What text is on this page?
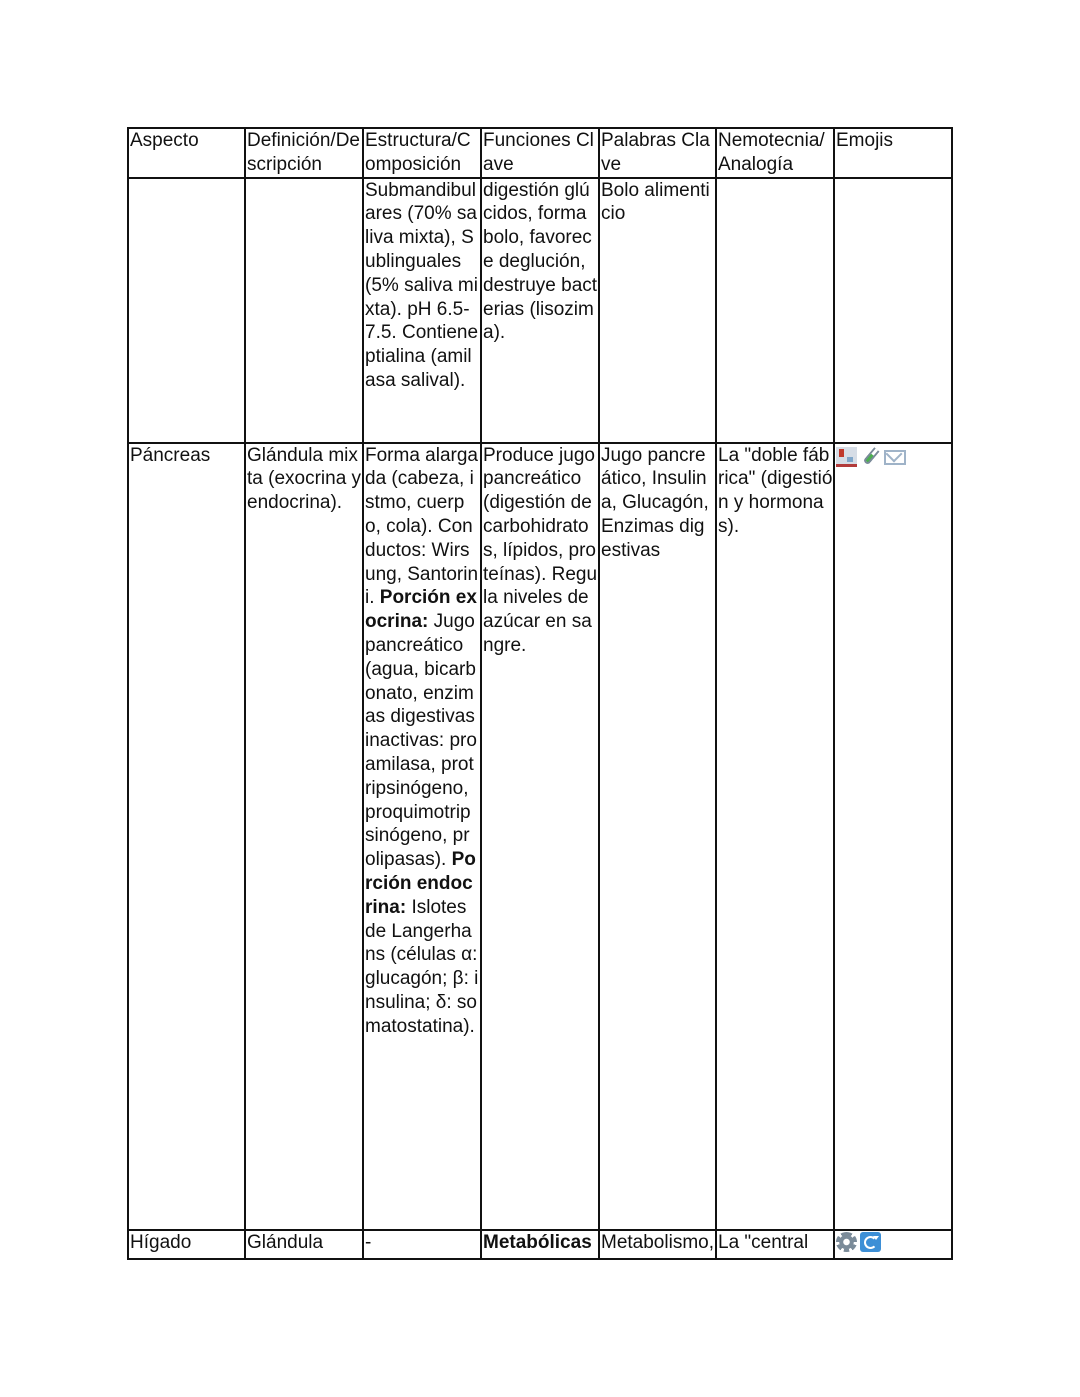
Aspecto	Definición/Descripción	Estructura/Composición	Funciones Clave	Palabras Clave	Nemotecnia/ Analogía	Emojis
		Submandibulares (70% saliva mixta), Sublinguales (5% saliva mixta). pH 6.5-7.5. Contiene ptialina (amilasa salival).	digestión glúcidos, forma bolo, favorece deglución, destruye bacterias (lisozima).	Bolo alimenticio		
Páncreas	Glándula mixta (exocrina y endocrina).	Forma alargada (cabeza, istmo, cuerpo, cola). Conductos: Wirsung, Santorini. Porción exocrina: Jugo pancreático (agua, bicarbonato, enzimas digestivas inactivas: proamilasa, protripsinógeno, proquimotripsinógeno, prolipasas). Porción endocrina: Islotes de Langerhans (células α: glucagón; β: insulina; δ: somatostatina).	Produce jugo pancreático (digestión de carbohidratos, lípidos, proteínas). Regula niveles de azúcar en sangre.	Jugo pancreático, Insulina, Glucagón, Enzimas digestivas	La "doble fábrica" (digestión y hormonas).	

Hígado	Glándula	-	Metabólicas	Metabolismo,	La "central	
